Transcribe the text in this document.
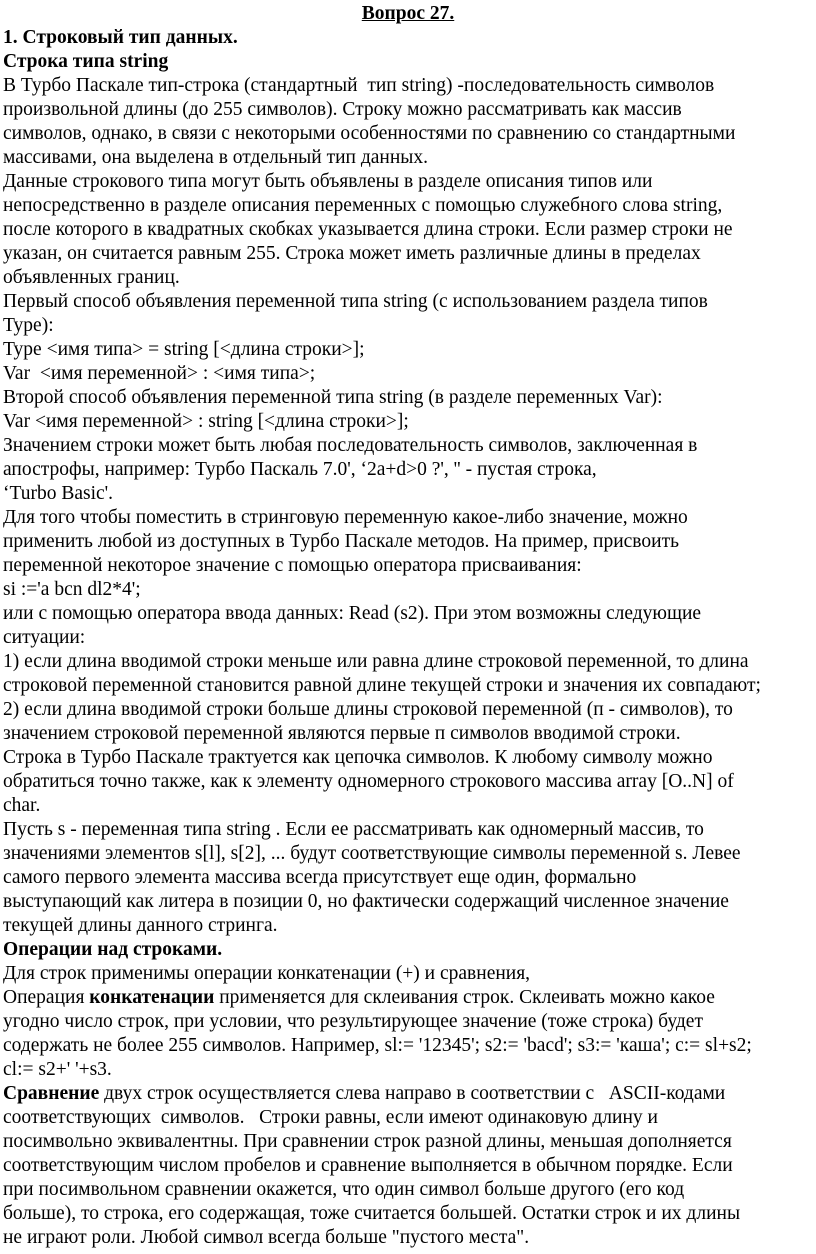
Вопрос 27.
1. Строковый тип данных.
Строка типа string
В Турбо Паскале тип-строка (стандартный  тип string) -последовательность символов
произвольной длины (до 255 символов). Строку можно рассматривать как массив
символов, однако, в связи с некоторыми особенностями по сравнению со стандартными
массивами, она выделена в отдельный тип данных.
Данные строкового типа могут быть объявлены в разделе описания типов или
непосредственно в разделе описания переменных с помощью служебного слова string,
после которого в квадратных скобках указывается длина строки. Если размер строки не
указан, он считается равным 255. Строка может иметь различные длины в пределах
объявленных границ.
Первый способ объявления переменной типа string (с использованием раздела типов
Type):
Type <имя типа> = string [<длина строки>];
Var  <имя переменной> : <имя типа>;
Второй способ объявления переменной типа string (в разделе переменных Var):
Var <имя переменной> : string [<длина строки>];
Значением строки может быть любая последовательность символов, заключенная в
апострофы, например: Турбо Паскаль 7.0', ‘2a+d>0 ?', '' - пустая строка,
‘Turbo Basic'.
Для того чтобы поместить в стринговую переменную какое-либо значение, можно
применить любой из доступных в Турбо Паскале методов. На пример, присвоить
переменной некоторое значение с помощью оператора присваивания:
si :='a bcn dl2*4';
или с помощью оператора ввода данных: Read (s2). При этом возможны следующие
ситуации:
1) если длина вводимой строки меньше или равна длине строковой переменной, то длина
строковой переменной становится равной длине текущей строки и значения их совпадают;
2) если длина вводимой строки больше длины строковой переменной (п - символов), то
значением строковой переменной являются первые п символов вводимой строки.
Строка в Турбо Паскале трактуется как цепочка символов. К любому символу можно
обратиться точно также, как к элементу одномерного строкового массива array [O..N] of
char.
Пусть s - переменная типа string . Если ее рассматривать как одномерный массив, то
значениями элементов s[l], s[2], ... будут соответствующие символы переменной s. Левее
самого первого элемента массива всегда присутствует еще один, формально
выступающий как литера в позиции 0, но фактически содержащий численное значение
текущей длины данного стринга.
Операции над строками.
Для строк применимы операции конкатенации (+) и сравнения,
Операция конкатенации применяется для склеивания строк. Склеивать можно какое
угодно число строк, при условии, что результирующее значение (тоже строка) будет
содержать не более 255 символов. Например, sl:= '12345'; s2:= 'bacd'; s3:= 'каша'; c:= sl+s2;
cl:= s2+' '+s3.
Сравнение двух строк осуществляется слева направо в соответствии с   ASCII-кодами
соответствующих  символов.   Строки равны, если имеют одинаковую длину и
посимвольно эквивалентны. При сравнении строк разной длины, меньшая дополняется
соответствующим числом пробелов и сравнение выполняется в обычном порядке. Если
при посимвольном сравнении окажется, что один символ больше другого (его код
больше), то строка, его содержащая, тоже считается большей. Остатки строк и их длины
не играют роли. Любой символ всегда больше "пустого места".
